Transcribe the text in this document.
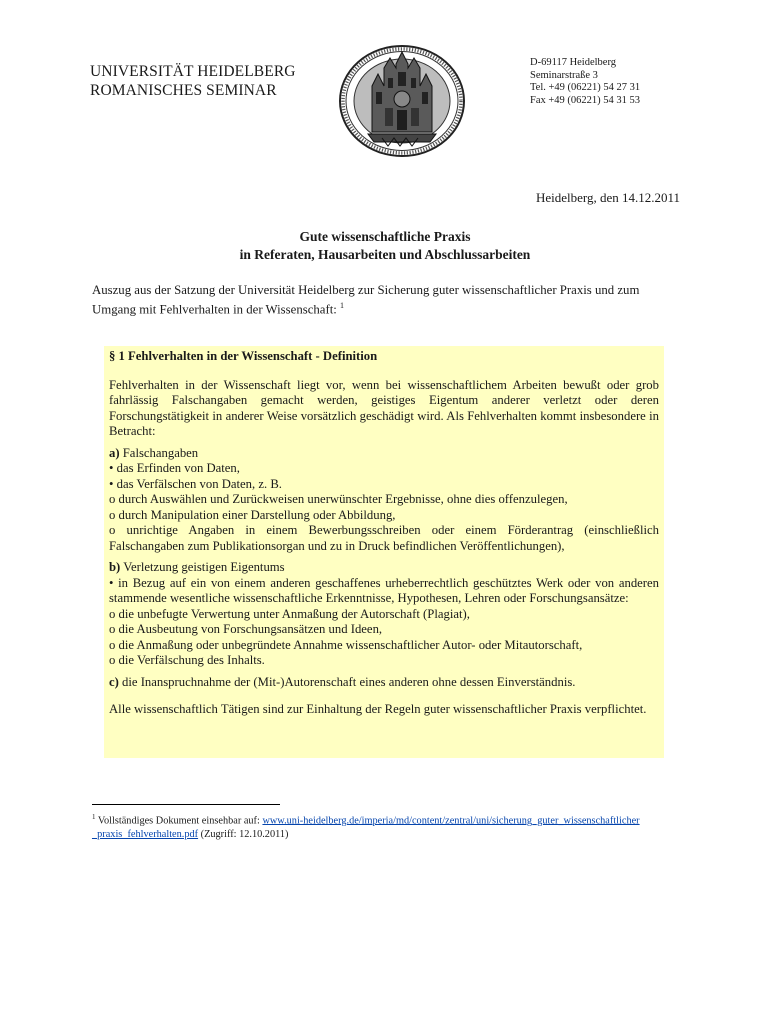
UNIVERSITÄT HEIDELBERG
ROMANISCHES SEMINAR
D-69117 Heidelberg
Seminarstraße 3
Tel. +49 (06221) 54 27 31
Fax +49 (06221) 54 31 53
Heidelberg, den 14.12.2011
Gute wissenschaftliche Praxis
in Referaten, Hausarbeiten und Abschlussarbeiten
Auszug aus der Satzung der Universität Heidelberg zur Sicherung guter wissenschaftlicher Praxis und zum Umgang mit Fehlverhalten in der Wissenschaft: $^1$
§ 1 Fehlverhalten in der Wissenschaft - Definition

Fehlverhalten in der Wissenschaft liegt vor, wenn bei wissenschaftlichem Arbeiten bewußt oder grob fahrlässig Falschangaben gemacht werden, geistiges Eigentum anderer verletzt oder deren Forschungstätigkeit in anderer Weise vorsätzlich geschädigt wird. Als Fehlverhalten kommt insbesondere in Betracht:

a) Falschangaben
• das Erfinden von Daten,
• das Verfälschen von Daten, z. B.
o durch Auswählen und Zurückweisen unerwünschter Ergebnisse, ohne dies offenzulegen,
o durch Manipulation einer Darstellung oder Abbildung,
o unrichtige Angaben in einem Bewerbungsschreiben oder einem Förderantrag (einschließlich Falschangaben zum Publikationsorgan und zu in Druck befindlichen Veröffentlichungen),

b) Verletzung geistigen Eigentums
• in Bezug auf ein von einem anderen geschaffenes urheberrechtlich geschütztes Werk oder von anderen stammende wesentliche wissenschaftliche Erkenntnisse, Hypothesen, Lehren oder Forschungsansätze:
o die unbefugte Verwertung unter Anmaßung der Autorschaft (Plagiat),
o die Ausbeutung von Forschungsansätzen und Ideen,
o die Anmaßung oder unbegründete Annahme wissenschaftlicher Autor- oder Mitautorschaft,
o die Verfälschung des Inhalts.

c) die Inanspruchnahme der (Mit-)Autorenschaft eines anderen ohne dessen Einverständnis.

Alle wissenschaftlich Tätigen sind zur Einhaltung der Regeln guter wissenschaftlicher Praxis verpflichtet.

$^1$ Vollständiges Dokument einsehbar auf: www.uni-heidelberg.de/imperia/md/content/zentral/uni/sicherung_guter_wissenschaftlicher _praxis_fehlverhalten.pdf (Zugriff: 12.10.2011)
